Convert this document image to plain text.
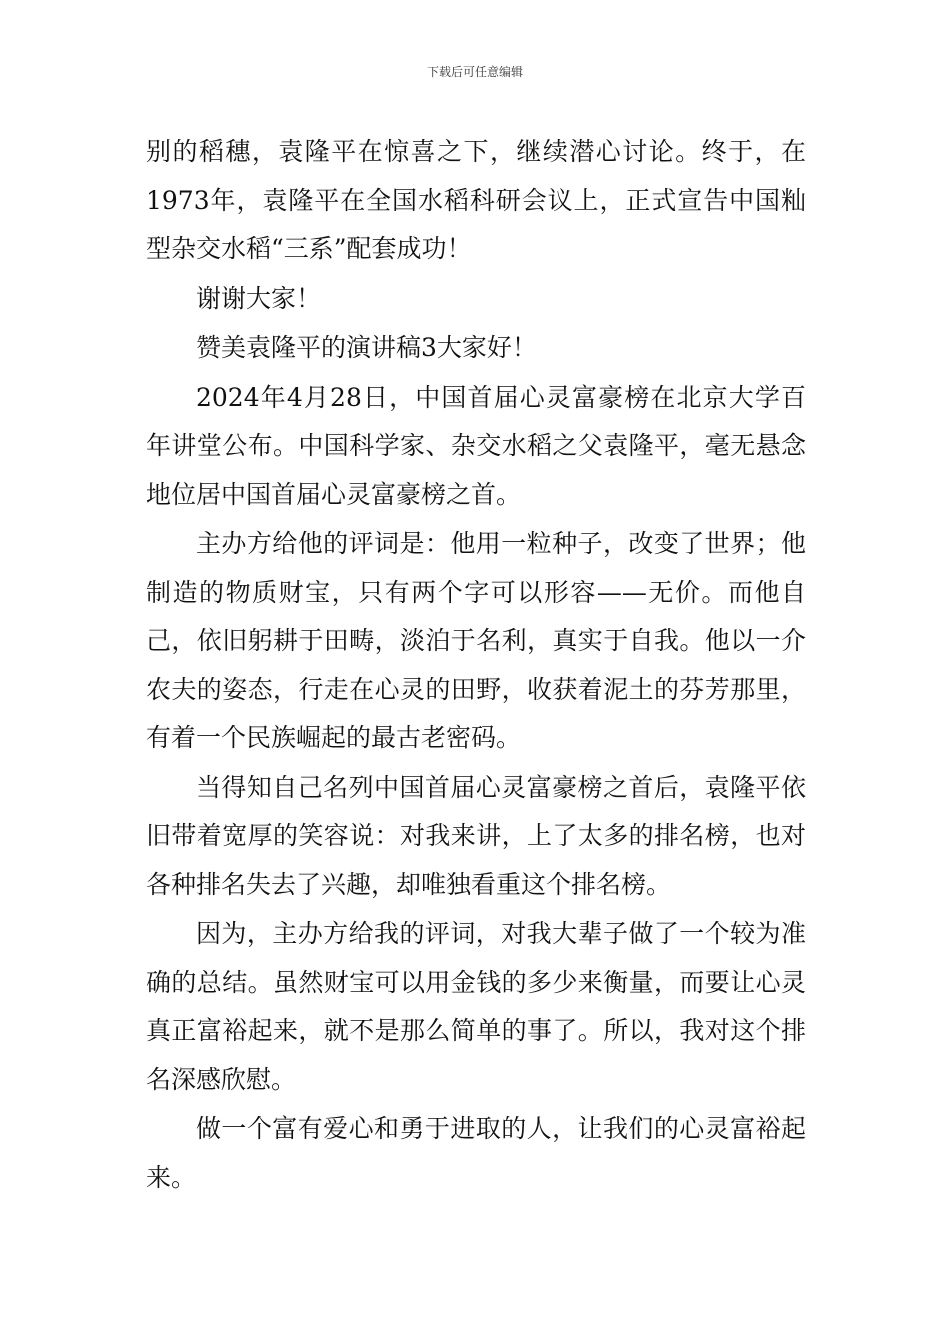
下载后可任意编辑

别的稻穗，袁隆平在惊喜之下，继续潜心讨论。终于，在1973年，袁隆平在全国水稻科研会议上，正式宣告中国籼型杂交水稻“三系”配套成功！

谢谢大家！

赞美袁隆平的演讲稿3大家好！

2024年4月28日，中国首届心灵富豪榜在北京大学百年讲堂公布。中国科学家、杂交水稻之父袁隆平，毫无悬念地位居中国首届心灵富豪榜之首。

主办方给他的评词是：他用一粒种子，改变了世界；他制造的物质财宝，只有两个字可以形容——无价。而他自己，依旧躬耕于田畴，淡泊于名利，真实于自我。他以一介农夫的姿态，行走在心灵的田野，收获着泥土的芬芳那里，有着一个民族崛起的最古老密码。

当得知自己名列中国首届心灵富豪榜之首后，袁隆平依旧带着宽厚的笑容说：对我来讲，上了太多的排名榜，也对各种排名失去了兴趣，却唯独看重这个排名榜。

因为，主办方给我的评词，对我大辈子做了一个较为准确的总结。虽然财宝可以用金钱的多少来衡量，而要让心灵真正富裕起来，就不是那么简单的事了。所以，我对这个排名深感欣慰。

做一个富有爱心和勇于进取的人，让我们的心灵富裕起来。
